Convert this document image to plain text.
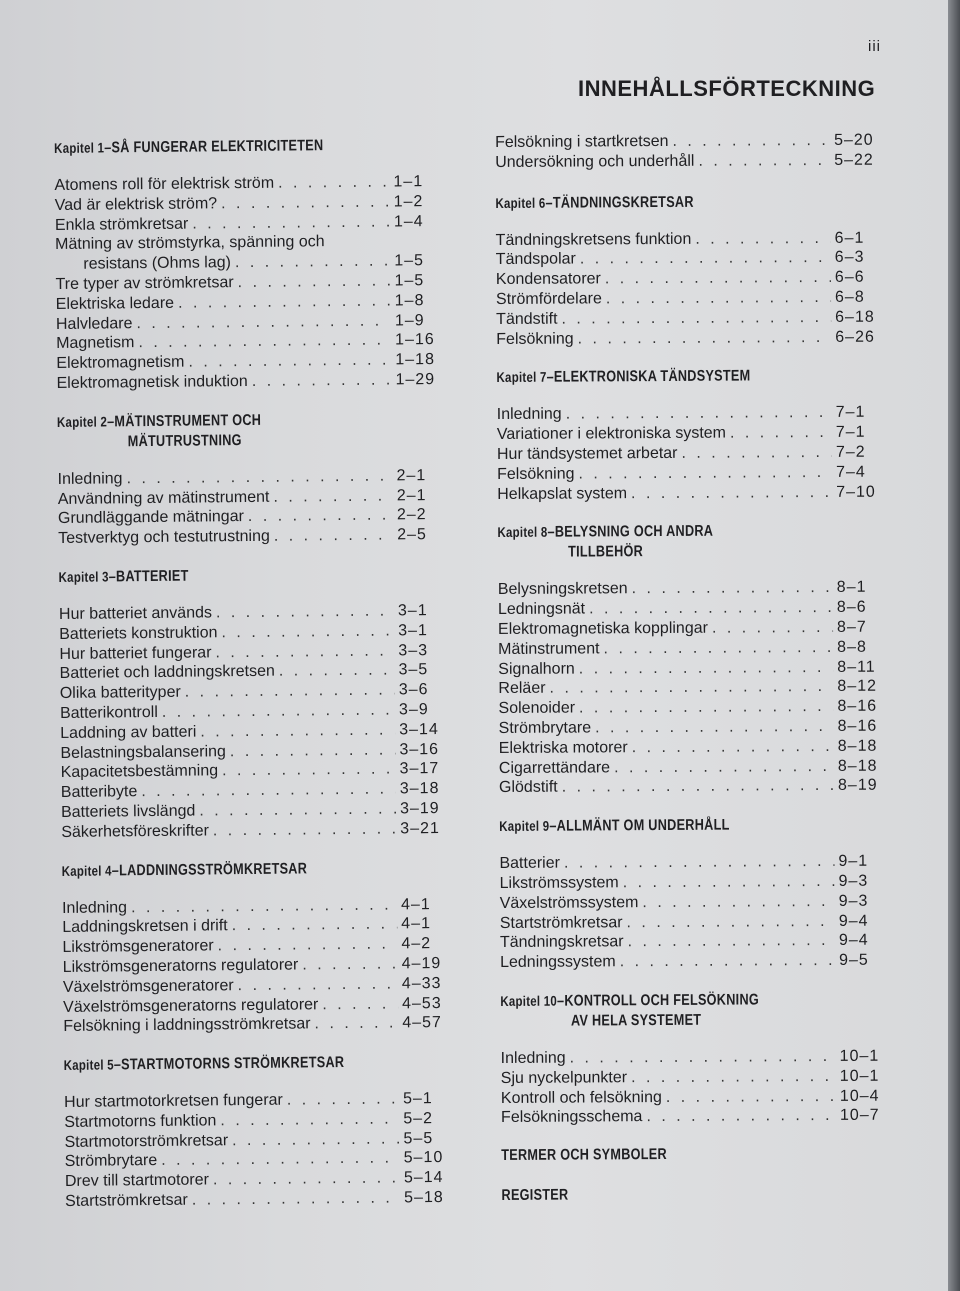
iii
INNEHÅLLSFÖRTECKNING
Kapitel 1–SÅ FUNGERAR ELEKTRICITETEN
Atomens roll för elektrisk ström . . .	1–1
Vad är elektrisk ström? . . .	1–2
Enkla strömkretsar . . .	1–4
Mätning av strömstyrka, spänning och
resistans (Ohms lag) . . .	1–5
Tre typer av strömkretsar . . .	1–5
Elektriska ledare . . .	1–8
Halvledare . . .	1–9
Magnetism . . .	1–16
Elektromagnetism . . .	1–18
Elektromagnetisk induktion . . .	1–29
Kapitel 2–MÄTINSTRUMENT OCH
MÄTUTRUSTNING
Inledning . . .	2–1
Användning av mätinstrument . . .	2–1
Grundläggande mätningar . . .	2–2
Testverktyg och testutrustning . . .	2–5
Kapitel 3–BATTERIET
Hur batteriet används . . .	3–1
Batteriets konstruktion . . .	3–1
Hur batteriet fungerar . . .	3–3
Batteriet och laddningskretsen . . .	3–5
Olika batterityper . . .	3–6
Batterikontroll . . .	3–9
Laddning av batteri . . .	3–14
Belastningsbalansering . . .	3–16
Kapacitetsbestämning . . .	3–17
Batteribyte . . .	3–18
Batteriets livslängd . . .	3–19
Säkerhetsföreskrifter . . .	3–21
Kapitel 4–LADDNINGSSTRÖMKRETSAR
Inledning . . .	4–1
Laddningskretsen i drift . . .	4–1
Likströmsgeneratorer . . .	4–2
Likströmsgeneratorns regulatorer . . .	4–19
Växelströmsgeneratorer . . .	4–33
Växelströmsgeneratorns regulatorer . . .	4–53
Felsökning i laddningsströmkretsar . . .	4–57
Kapitel 5–STARTMOTORNS STRÖMKRETSAR
Hur startmotorkretsen fungerar . . .	5–1
Startmotorns funktion . . .	5–2
Startmotorströmkretsar . . .	5–5
Strömbrytare . . .	5–10
Drev till startmotorer . . .	5–14
Startströmkretsar . . .	5–18
Felsökning i startkretsen . . .	5–20
Undersökning och underhåll . . .	5–22
Kapitel 6–TÄNDNINGSKRETSAR
Tändningskretsens funktion . . .	6–1
Tändspolar . . .	6–3
Kondensatorer . . .	6–6
Strömfördelare . . .	6–8
Tändstift . . .	6–18
Felsökning . . .	6–26
Kapitel 7–ELEKTRONISKA TÄNDSYSTEM
Inledning . . .	7–1
Variationer i elektroniska system . . .	7–1
Hur tändsystemet arbetar . . .	7–2
Felsökning . . .	7–4
Helkapslat system . . .	7–10
Kapitel 8–BELYSNING OCH ANDRA
TILLBEHÖR
Belysningskretsen . . .	8–1
Ledningsnät . . .	8–6
Elektromagnetiska kopplingar . . .	8–7
Mätinstrument . . .	8–8
Signalhorn . . .	8–11
Reläer . . .	8–12
Solenoider . . .	8–16
Strömbrytare . . .	8–16
Elektriska motorer . . .	8–18
Cigarrettändare . . .	8–18
Glödstift . . .	8–19
Kapitel 9–ALLMÄNT OM UNDERHÅLL
Batterier . . .	9–1
Likströmssystem . . .	9–3
Växelströmssystem . . .	9–3
Startströmkretsar . . .	9–4
Tändningskretsar . . .	9–4
Ledningssystem . . .	9–5
Kapitel 10–KONTROLL OCH FELSÖKNING
AV HELA SYSTEMET
Inledning . . .	10–1
Sju nyckelpunkter . . .	10–1
Kontroll och felsökning . . .	10–4
Felsökningsschema . . .	10–7
TERMER OCH SYMBOLER
REGISTER
